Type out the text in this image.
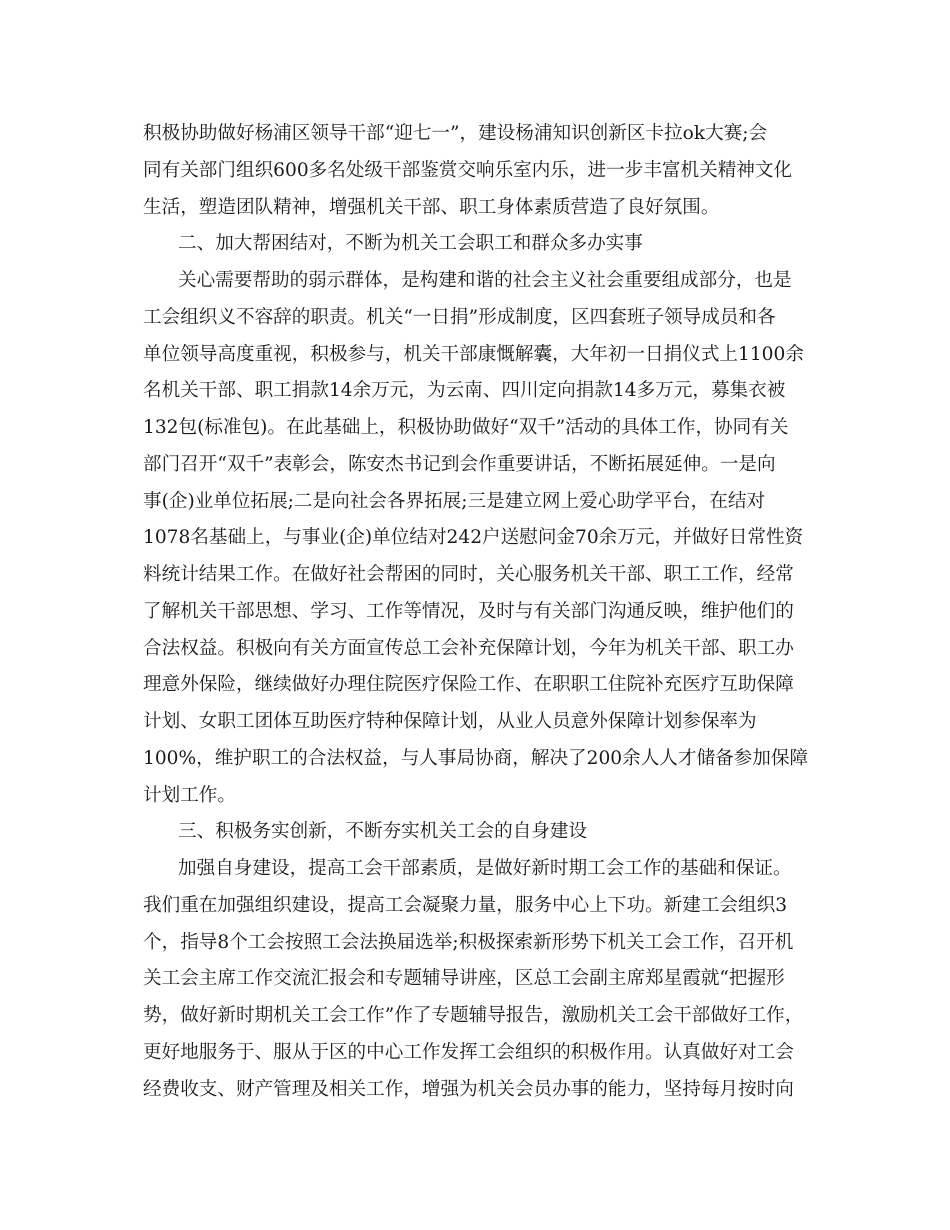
积极协助做好杨浦区领导干部“迎七一”，建设杨浦知识创新区卡拉ok大赛;会
同有关部门组织600多名处级干部鉴赏交响乐室内乐，进一步丰富机关精神文化
生活，塑造团队精神，增强机关干部、职工身体素质营造了良好氛围。
二、加大帮困结对，不断为机关工会职工和群众多办实事
关心需要帮助的弱示群体，是构建和谐的社会主义社会重要组成部分，也是
工会组织义不容辞的职责。机关“一日捐”形成制度，区四套班子领导成员和各
单位领导高度重视，积极参与，机关干部康慨解囊，大年初一日捐仪式上1100余
名机关干部、职工捐款14余万元，为云南、四川定向捐款14多万元，募集衣被
132包(标准包)。在此基础上，积极协助做好“双千”活动的具体工作，协同有关
部门召开“双千”表彰会，陈安杰书记到会作重要讲话，不断拓展延伸。一是向
事(企)业单位拓展;二是向社会各界拓展;三是建立网上爱心助学平台，在结对
1078名基础上，与事业(企)单位结对242户送慰问金70余万元，并做好日常性资
料统计结果工作。在做好社会帮困的同时，关心服务机关干部、职工工作，经常
了解机关干部思想、学习、工作等情况，及时与有关部门沟通反映，维护他们的
合法权益。积极向有关方面宣传总工会补充保障计划，今年为机关干部、职工办
理意外保险，继续做好办理住院医疗保险工作、在职职工住院补充医疗互助保障
计划、女职工团体互助医疗特种保障计划，从业人员意外保障计划参保率为
100%，维护职工的合法权益，与人事局协商，解决了200余人人才储备参加保障
计划工作。
三、积极务实创新，不断夯实机关工会的自身建设
加强自身建设，提高工会干部素质，是做好新时期工会工作的基础和保证。
我们重在加强组织建设，提高工会凝聚力量，服务中心上下功。新建工会组织3
个，指导8个工会按照工会法换届选举;积极探索新形势下机关工会工作，召开机
关工会主席工作交流汇报会和专题辅导讲座，区总工会副主席郑星霞就“把握形
势，做好新时期机关工会工作”作了专题辅导报告，激励机关工会干部做好工作，
更好地服务于、服从于区的中心工作发挥工会组织的积极作用。认真做好对工会
经费收支、财产管理及相关工作，增强为机关会员办事的能力，坚持每月按时向
